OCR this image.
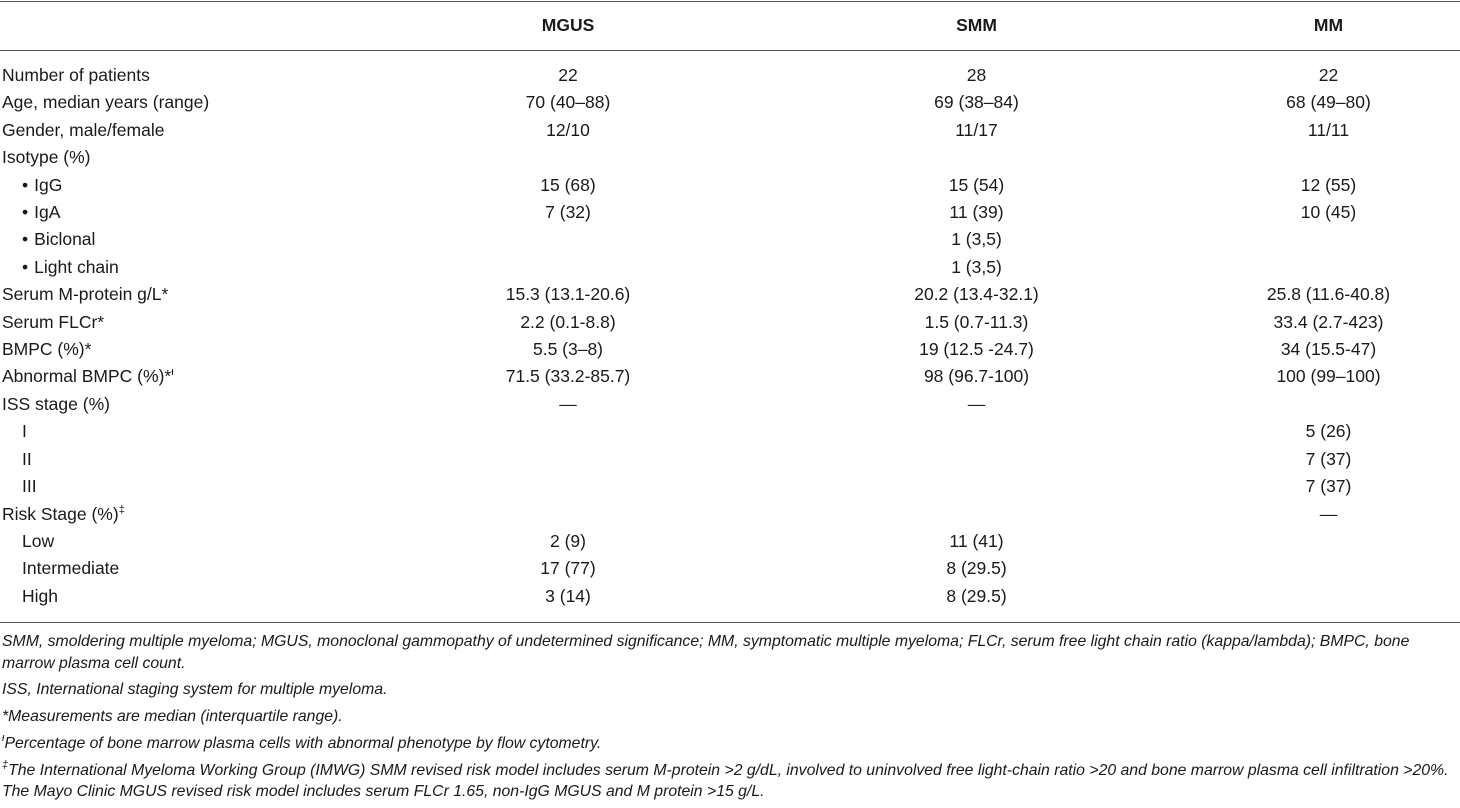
	MGUS	SMM	MM
Number of patients	22	28	22
Age, median years (range)	70 (40–88)	69 (38–84)	68 (49–80)
Gender, male/female	12/10	11/17	11/11
Isotype (%)			
• IgG	15 (68)	15 (54)	12 (55)
• IgA	7 (32)	11 (39)	10 (45)
• Biclonal		1 (3,5)	
• Light chain		1 (3,5)	
Serum M-protein g/L*	15.3 (13.1-20.6)	20.2 (13.4-32.1)	25.8 (11.6-40.8)
Serum FLCr*	2.2 (0.1-8.8)	1.5 (0.7-11.3)	33.4 (2.7-423)
BMPC (%)*	5.5 (3–8)	19 (12.5 -24.7)	34 (15.5-47)
Abnormal BMPC (%)*$^ᵼ$	71.5 (33.2-85.7)	98 (96.7-100)	100 (99–100)
ISS stage (%)	—	—	
I			5 (26)
II			7 (37)
III			7 (37)
Risk Stage (%)‡			—
Low	2 (9)	11 (41)	
Intermediate	17 (77)	8 (29.5)	
High	3 (14)	8 (29.5)	

SMM, smoldering multiple myeloma; MGUS, monoclonal gammopathy of undetermined significance; MM, symptomatic multiple myeloma; FLCr, serum free light chain ratio (kappa/lambda); BMPC, bone marrow plasma cell count.

ISS, International staging system for multiple myeloma.

*Measurements are median (interquartile range).

$^ᵼ$Percentage of bone marrow plasma cells with abnormal phenotype by flow cytometry.

‡The International Myeloma Working Group (IMWG) SMM revised risk model includes serum M-protein >2 g/dL, involved to uninvolved free light-chain ratio >20 and bone marrow plasma cell infiltration >20%. The Mayo Clinic MGUS revised risk model includes serum FLCr 1.65, non-IgG MGUS and M protein >15 g/L.
